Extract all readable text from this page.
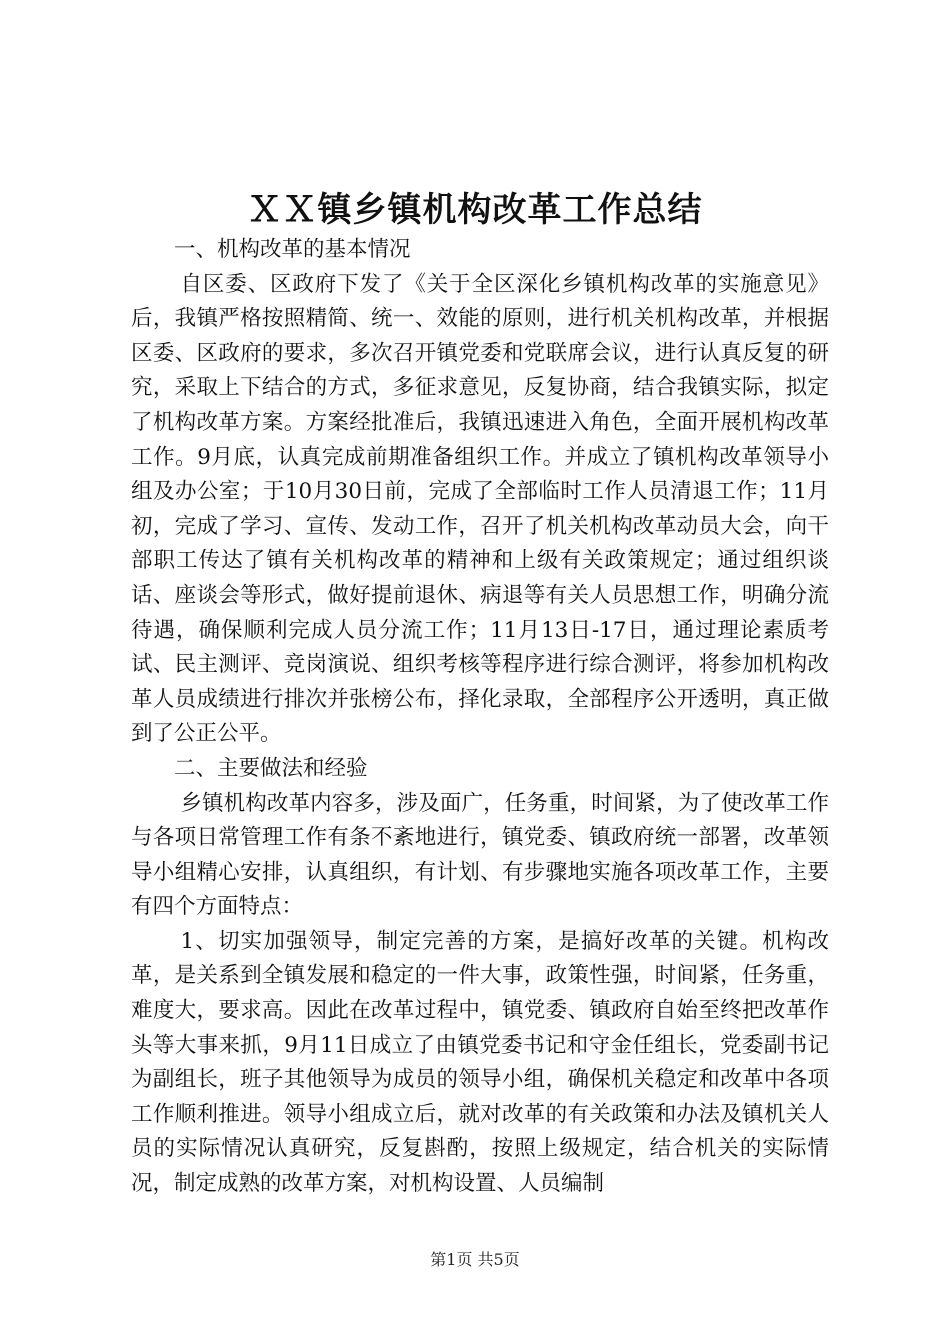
ＸＸ镇乡镇机构改革工作总结

一、机构改革的基本情况

自区委、区政府下发了《关于全区深化乡镇机构改革的实施意见》后，我镇严格按照精简、统一、效能的原则，进行机关机构改革，并根据区委、区政府的要求，多次召开镇党委和党联席会议，进行认真反复的研究，采取上下结合的方式，多征求意见，反复协商，结合我镇实际，拟定了机构改革方案。方案经批准后，我镇迅速进入角色，全面开展机构改革工作。9月底，认真完成前期准备组织工作。并成立了镇机构改革领导小组及办公室；于10月30日前，完成了全部临时工作人员清退工作；11月初，完成了学习、宣传、发动工作，召开了机关机构改革动员大会，向干部职工传达了镇有关机构改革的精神和上级有关政策规定；通过组织谈话、座谈会等形式，做好提前退休、病退等有关人员思想工作，明确分流待遇，确保顺利完成人员分流工作；11月13日-17日，通过理论素质考试、民主测评、竞岗演说、组织考核等程序进行综合测评，将参加机构改革人员成绩进行排次并张榜公布，择化录取，全部程序公开透明，真正做到了公正公平。

二、主要做法和经验

乡镇机构改革内容多，涉及面广，任务重，时间紧，为了使改革工作与各项日常管理工作有条不紊地进行，镇党委、镇政府统一部署，改革领导小组精心安排，认真组织，有计划、有步骤地实施各项改革工作，主要有四个方面特点：

1、切实加强领导，制定完善的方案，是搞好改革的关键。机构改革，是关系到全镇发展和稳定的一件大事，政策性强，时间紧，任务重，难度大，要求高。因此在改革过程中，镇党委、镇政府自始至终把改革作头等大事来抓，9月11日成立了由镇党委书记和守金任组长，党委副书记为副组长，班子其他领导为成员的领导小组，确保机关稳定和改革中各项工作顺利推进。领导小组成立后，就对改革的有关政策和办法及镇机关人员的实际情况认真研究，反复斟酌，按照上级规定，结合机关的实际情况，制定成熟的改革方案，对机构设置、人员编制

第1页 共5页
